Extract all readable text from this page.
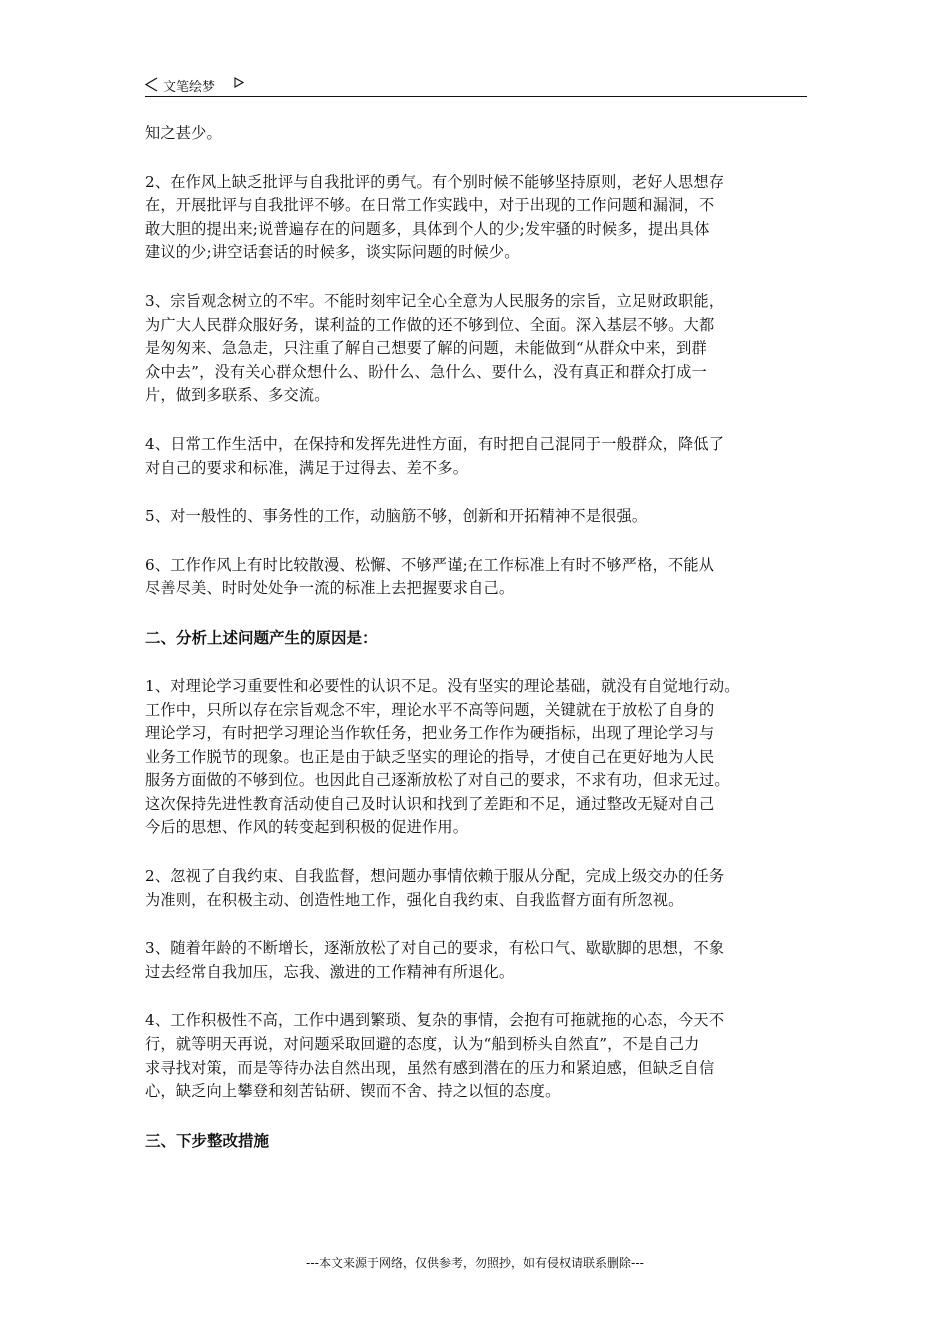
文笔绘梦
知之甚少。
2、在作风上缺乏批评与自我批评的勇气。有个别时候不能够坚持原则，老好人思想存
在，开展批评与自我批评不够。在日常工作实践中，对于出现的工作问题和漏洞，不
敢大胆的提出来;说普遍存在的问题多，具体到个人的少;发牢骚的时候多，提出具体
建议的少;讲空话套话的时候多，谈实际问题的时候少。
3、宗旨观念树立的不牢。不能时刻牢记全心全意为人民服务的宗旨，立足财政职能，
为广大人民群众服好务，谋利益的工作做的还不够到位、全面。深入基层不够。大都
是匆匆来、急急走，只注重了解自己想要了解的问题，未能做到“从群众中来，到群
众中去”，没有关心群众想什么、盼什么、急什么、要什么，没有真正和群众打成一
片，做到多联系、多交流。
4、日常工作生活中，在保持和发挥先进性方面，有时把自己混同于一般群众，降低了
对自己的要求和标准，满足于过得去、差不多。
5、对一般性的、事务性的工作，动脑筋不够，创新和开拓精神不是很强。
6、工作作风上有时比较散漫、松懈、不够严谨;在工作标准上有时不够严格，不能从
尽善尽美、时时处处争一流的标准上去把握要求自己。
二、分析上述问题产生的原因是：
1、对理论学习重要性和必要性的认识不足。没有坚实的理论基础，就没有自觉地行动。
工作中，只所以存在宗旨观念不牢，理论水平不高等问题，关键就在于放松了自身的
理论学习，有时把学习理论当作软任务，把业务工作作为硬指标，出现了理论学习与
业务工作脱节的现象。也正是由于缺乏坚实的理论的指导，才使自己在更好地为人民
服务方面做的不够到位。也因此自己逐渐放松了对自己的要求，不求有功，但求无过。
这次保持先进性教育活动使自己及时认识和找到了差距和不足，通过整改无疑对自己
今后的思想、作风的转变起到积极的促进作用。
2、忽视了自我约束、自我监督，想问题办事情依赖于服从分配，完成上级交办的任务
为准则，在积极主动、创造性地工作，强化自我约束、自我监督方面有所忽视。
3、随着年龄的不断增长，逐渐放松了对自己的要求，有松口气、歇歇脚的思想，不象
过去经常自我加压，忘我、激进的工作精神有所退化。
4、工作积极性不高，工作中遇到繁琐、复杂的事情，会抱有可拖就拖的心态，今天不
行，就等明天再说，对问题采取回避的态度，认为“船到桥头自然直”，不是自己力
求寻找对策，而是等待办法自然出现，虽然有感到潜在的压力和紧迫感，但缺乏自信
心，缺乏向上攀登和刻苦钻研、锲而不舍、持之以恒的态度。
三、下步整改措施
---本文来源于网络，仅供参考，勿照抄，如有侵权请联系删除---
